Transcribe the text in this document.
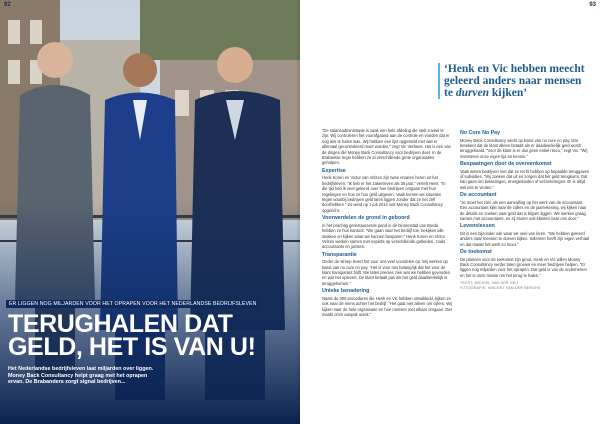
92
ER LIGGEN NOG MILJARDEN VOOR HET OPRAPEN VOOR HET NEDERLANDSE BEDRIJFSLEVEN
TERUGHALEN DAT
GELD, HET IS VAN U!
Het Nederlandse bedrijfsleven laat miljarden over liggen.
Money Back Consultancy helpt graag met het oprapen
ervan. De Brabanders zorgt signal bedrijven...
93
‘Henk en Vic hebben meecht
geleerd anders naar mensen
te durven kijken’

“De salarisadministratie is vaak een hele afdeling die stelt zoveel te zijn. Wij controleren het voorafgaand aan de controle en vonden dat er nog iets te halen was. Wij hebben een lijst opgesteld met wat er allemaal gecontroleerd moet worden,” zegt Vic Verbeek. Het is een van de dingen die Money Back Consultancy voor bedrijven doet. In de Brabantse regio hebben ze al verschillende grote organisaties geholpen.

Expertise

Henk Koren en Victor van Velzen zijn twee ervaren heren uit het bedrijfsleven. “Ik heb er het zakenleven als 25 jaar,” vertelt Henk. “In die tijd heb ik veel geleerd over hoe bedrijven omgaan met hun regelingen en hoe ze hun geld uitgeven. Vaak komen we situaties tegen waarbij bedrijven geld laten liggen zonder dat ze het zelf doorhebben.” Zo werd op 1 juli 2014 ook Money Back Consultancy opgericht.

Voorwerdelen de grond in geboord

In het prachtig gerestaureerde pand in de binnenstad van Breda hebben ze hun kantoor. “We gaan naar het bedrijf toe, bekijken alle stukken en kijken waar we kunnen besparen.” Henk Koren en Victor Velzen werken samen met experts op verschillende gebieden, zoals accountants en juristen.

Transparantie

Onder de streep levert het voor ons veel voordelen op. Wij werken op basis van no cure no pay. “Het is voor ons belangrijk dat het voor de klant transparant blijft. We laten precies zien wat we hebben gevonden en wat het oplevert. De klant betaalt pas als het geld daadwerkelijk is teruggekomen.”

Unieke benadering

Naast de 300 procedures die Henk en Vic hebben ontwikkeld, kijken ze ook naar de mens achter het bedrijf. “Het gaat niet alleen om cijfers. Wij kijken naar de hele organisatie en hoe mensen met elkaar omgaan. Dat maakt onze aanpak uniek.”

No Cure No Pay

Money Back Consultancy werkt op basis van no cure no pay. Dat betekent dat de klant alleen betaalt als er daadwerkelijk geld wordt teruggehaald. “Voor de klant is er dus geen enkel risico,” zegt Vic. “Wij investeren onze eigen tijd en kennis.”

Bespaatngen door de overeenkomst

Vaak weten bedrijven niet dat ze recht hebben op bepaalde teruggaven of subsidies. “Wij zoeken dat uit en zorgen dat het geld terugkomt. Dat kan gaan om belastingen, energiekosten of verzekeringen. Er is altijd wel iets te vinden.”

De accountant

“Je moet het zien als een aanvulling op het werk van de accountant. Een accountant kijkt naar de cijfers en de jaarrekening, wij kijken naar de details en zoeken naar geld dat is blijven liggen. We werken graag samen met accountants, en zij sturen ook klanten naar ons door.”

Levenslessen

Dit is een bijzonder vak waar we veel van leren. “We hebben geleerd anders naar mensen te durven kijken. Iedereen heeft zijn eigen verhaal en dat maakt het werk zo mooi.”

De toekomst

De plannen voor de toekomst zijn groot. Henk en Vic willen Money Back Consultancy verder laten groeien en meer bedrijven helpen. “Er liggen nog miljarden voor het oprapen. Dat geld is van de ondernemer en het is onze missie om het terug te halen.”

TEKST: MICHIEL VAN DER HEIJ
FOTOGRAFIE: VINCENT VAN DER BERGHE
